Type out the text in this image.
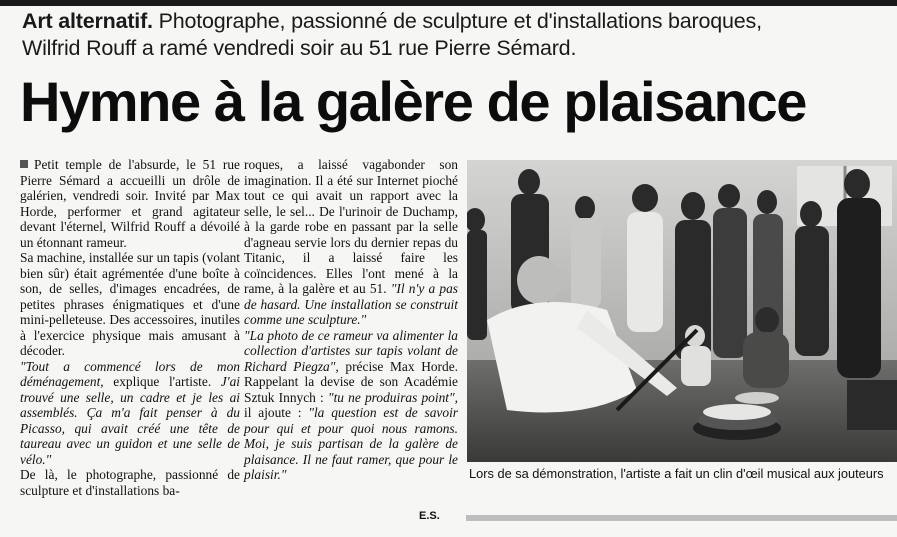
Art alternatif. Photographe, passionné de sculpture et d'installations baroques,
Wilfrid Rouff a ramé vendredi soir au 51 rue Pierre Sémard.
Hymne à la galère de plaisance

Petit temple de l'absurde, le 51 rue Pierre Sémard a accueilli un drôle de galérien, vendredi soir. Invité par Max Horde, performer et grand agitateur devant l'éternel, Wilfrid Rouff a dévoilé un étonnant rameur.

Sa machine, installée sur un tapis (volant bien sûr) était agrémentée d'une boîte à son, de selles, d'images encadrées, de petites phrases énigmatiques et d'une mini-pelleteuse. Des accessoires, inutiles à l'exercice physique mais amusant à décoder.

"Tout a commencé lors de mon déménagement, explique l'artiste. J'ai trouvé une selle, un cadre et je les ai assemblés. Ça m'a fait penser à du Picasso, qui avait créé une tête de taureau avec un guidon et une selle de vélo."

De là, le photographe, passionné de sculpture et d'installations ba-

roques, a laissé vagabonder son imagination. Il a été sur Internet pioché tout ce qui avait un rapport avec la selle, le sel... De l'urinoir de Duchamp, à la garde robe en passant par la selle d'agneau servie lors du dernier repas du Titanic, il a laissé faire les coïncidences. Elles l'ont mené à la rame, à la galère et au 51. "Il n'y a pas de hasard. Une installation se construit comme une sculpture."

"La photo de ce rameur va alimenter la collection d'artistes sur tapis volant de Richard Piegza", précise Max Horde. Rappelant la devise de son Académie Sztuk Innych : "tu ne produiras point", il ajoute : "la question est de savoir pour qui et pour quoi nous ramons. Moi, je suis partisan de la galère de plaisance. Il ne faut ramer, que pour le plaisir."	Lors de sa démonstration, l'artiste a fait un clin d'œil musical aux jouteurs
E.S.
